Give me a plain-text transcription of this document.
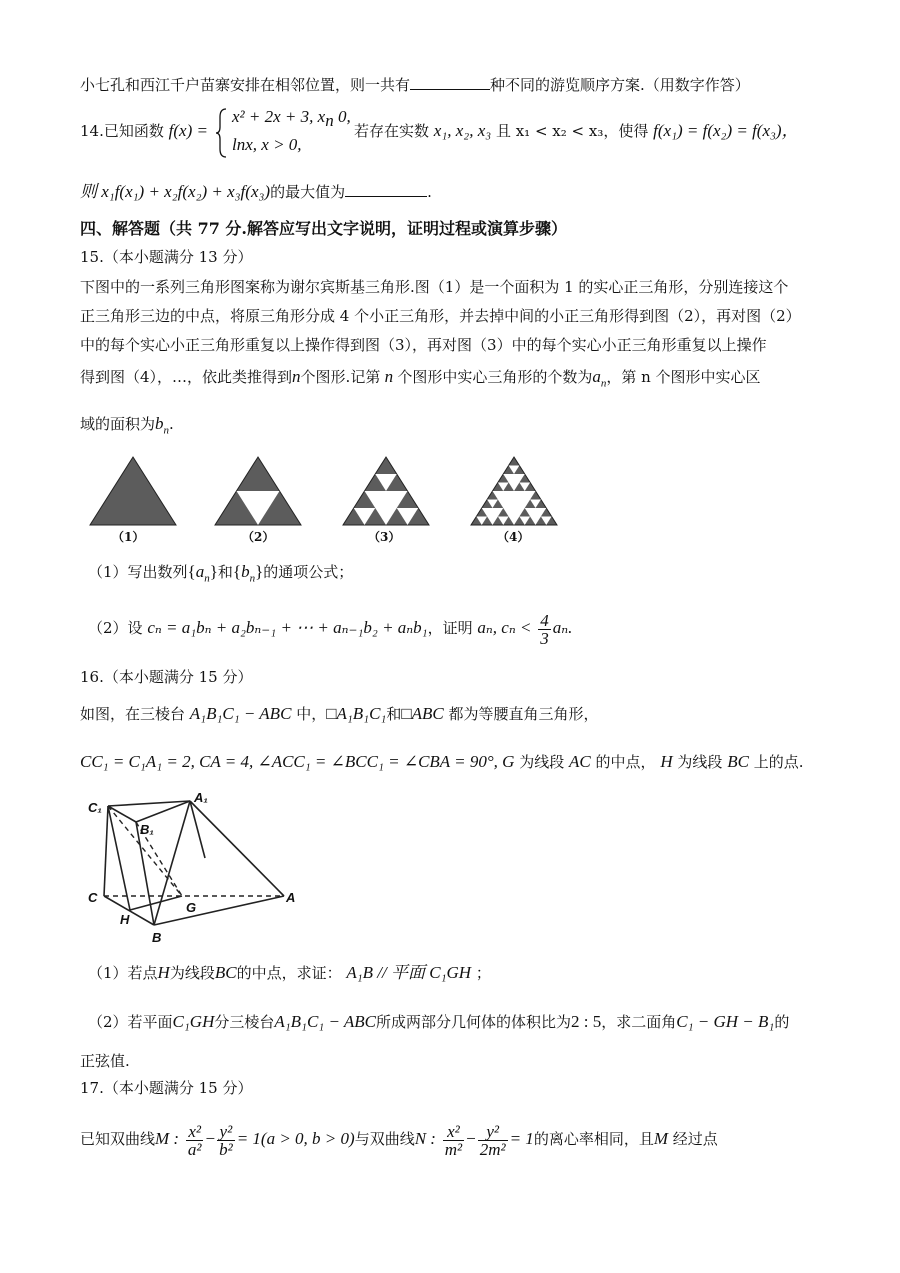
小七孔和西江千户苗寨安排在相邻位置，则一共有	种不同的游览顺序方案.（用数字作答）
14.已知函数 f(x) =
x² + 2x + 3, $x_n$ 0,
lnx, x > 0,
若存在实数 x₁, x₂, x₃ 且 x₁ < x₂ < x₃，使得 f(x₁) = f(x₂) = f(x₃)，
则 x₁f(x₁) + x₂f(x₂) + x₃f(x₃)的最大值为	.
四、解答题（共 77 分.解答应写出文字说明，证明过程或演算步骤）
15.（本小题满分 13 分）
下图中的一系列三角形图案称为谢尔宾斯基三角形.图（1）是一个面积为 1 的实心正三角形，分别连接这个
正三角形三边的中点，将原三角形分成 4 个小正三角形，并去掉中间的小正三角形得到图（2），再对图（2）
中的每个实心小正三角形重复以上操作得到图（3），再对图（3）中的每个实心小正三角形重复以上操作
得到图（4），…，依此类推得到n个图形.记第 n 个图形中实心三角形的个数为$a_n$，第 n 个图形中实心区
域的面积为$b_n$.
（1）	（2）	（3）	（4）
（1）写出数列$\{a_n\}$和$\{b_n\}$的通项公式；
（2）设 cₙ = a₁bₙ + a₂bₙ₋₁ + ⋯ + aₙ₋₁b₂ + aₙb₁，证明 aₙ, $c_n < \frac{4}{3} a_n$.
16.（本小题满分 15 分）
如图，在三棱台 A₁B₁C₁ − ABC 中，□A₁B₁C₁和□ABC 都为等腰直角三角形，
CC₁ = C₁A₁ = 2, CA = 4, ∠ACC₁ = ∠BCC₁ = ∠CBA = 90°, G 为线段 AC 的中点， H 为线段 BC 上的点.
C₁
A₁
B₁
C	A
G
H
B
（1）若点H为线段BC的中点，求证： A₁B // 平面 C₁GH ；
（2）若平面C₁GH分三棱台A₁B₁C₁ − ABC所成两部分几何体的体积比为2 : 5，求二面角C₁ − GH − B₁的
正弦值.
17.（本小题满分 15 分）
已知双曲线M : $\frac{\text{x²}}{\text{a²}} - \frac{\text{y²}}{\text{b²}} = 1(a > 0$, b > 0)与双曲线N : $\frac{\text{x²}}{\text{m²}} - \frac{\text{y²}}{\text{2m²}} = 1$的离心率相同，且M 经过点
